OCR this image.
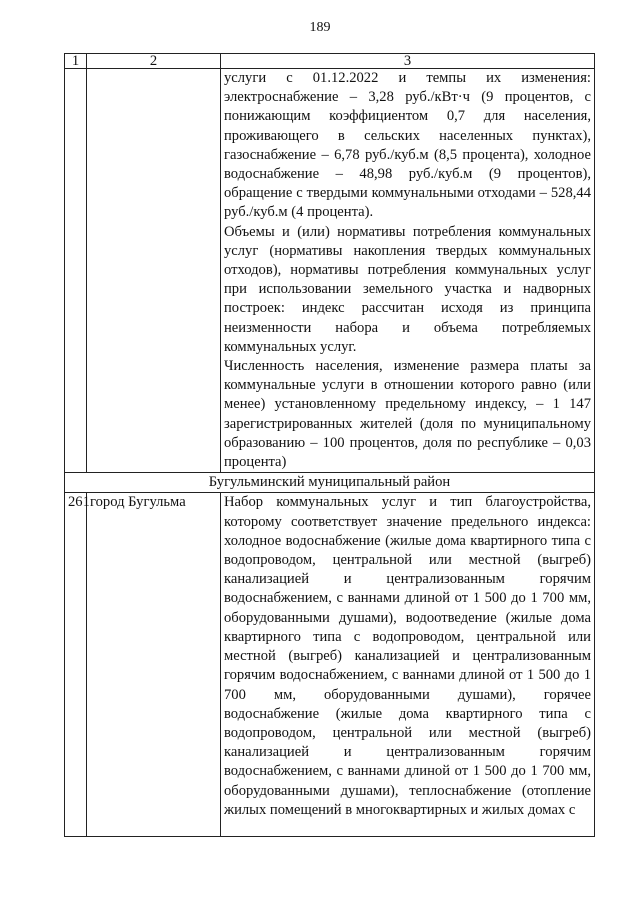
189
1	2	3

		услуги с 01.12.2022 и темпы их изменения: электроснабжение – 3,28 руб./кВт·ч (9 процентов, с понижающим коэффициентом 0,7 для населения, проживающего в сельских населенных пунктах), газоснабжение – 6,78 руб./куб.м (8,5 процента), холодное водоснабжение – 48,98 руб./куб.м (9 процентов), обращение с твердыми коммунальными отходами – 528,44 руб./куб.м (4 процента).

Объемы и (или) нормативы потребления коммунальных услуг (нормативы накопления твердых коммунальных отходов), нормативы потребления коммунальных услуг при использовании земельного участка и надворных построек: индекс рассчитан исходя из принципа неизменности набора и объема потребляемых коммунальных услуг.

Численность населения, изменение размера платы за коммунальные услуги в отношении которого равно (или менее) установленному предельному индексу, – 1 147 зарегистрированных жителей (доля по муниципальному образованию – 100 процентов, доля по республике – 0,03 процента)

Бугульминский муниципальный район		
261	город Бугульма	Набор коммунальных услуг и тип благоустройства, которому соответствует значение предельного индекса: холодное водоснабжение (жилые дома квартирного типа с водопроводом, центральной или местной (выгреб) канализацией и централизованным горячим водоснабжением, с ваннами длиной от 1 500 до 1 700 мм, оборудованными душами), водоотведение (жилые дома квартирного типа с водопроводом, центральной или местной (выгреб) канализацией и централизованным горячим водоснабжением, с ваннами длиной от 1 500 до 1 700 мм, оборудованными душами), горячее водоснабжение (жилые дома квартирного типа с водопроводом, центральной или местной (выгреб) канализацией и централизованным горячим водоснабжением, с ваннами длиной от 1 500 до 1 700 мм, оборудованными душами), теплоснабжение (отопление жилых помещений в многоквартирных и жилых домах с
